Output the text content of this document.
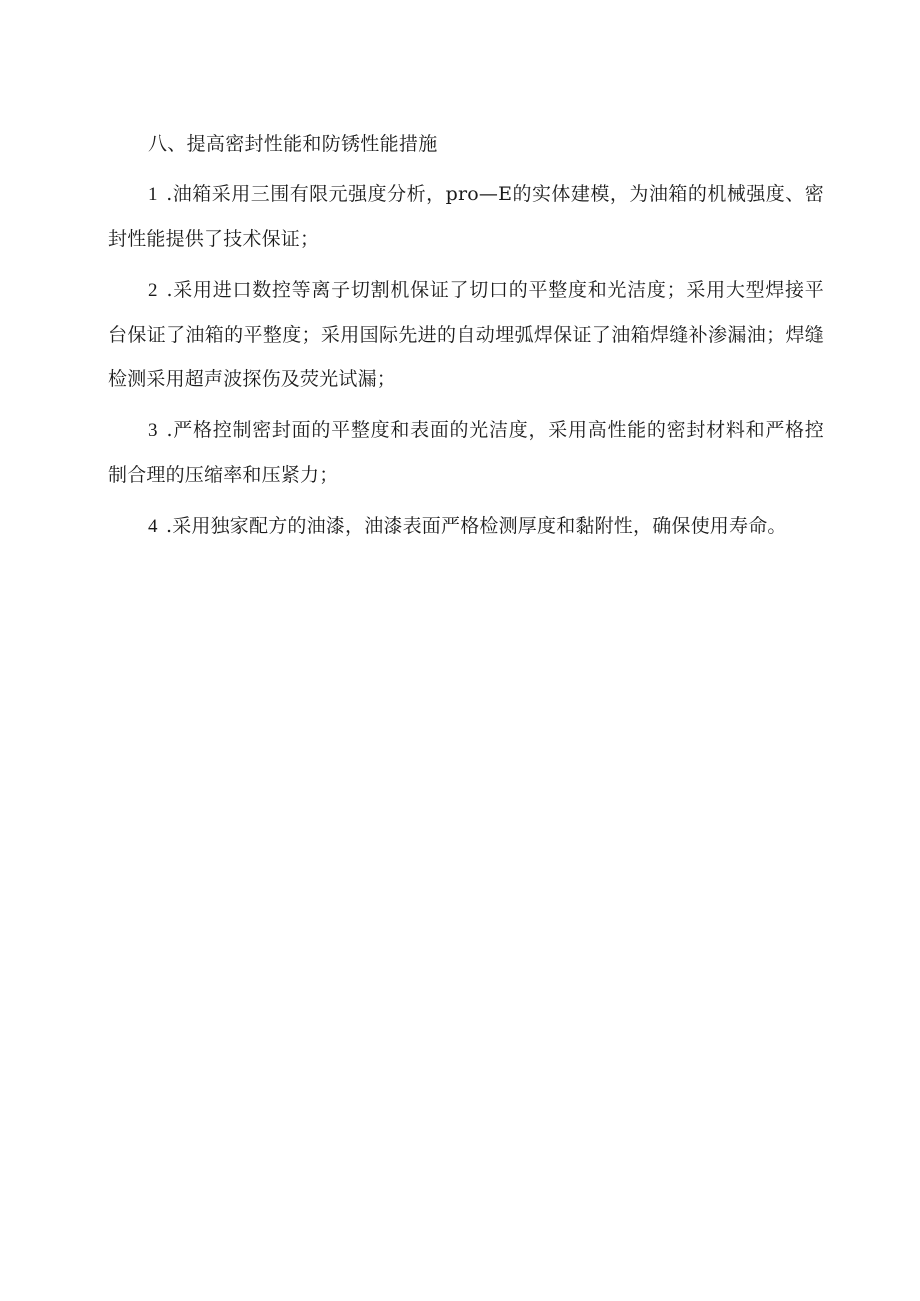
八、提高密封性能和防锈性能措施

1 .油箱采用三围有限元强度分析，pro—E的实体建模，为油箱的机械强度、密封性能提供了技术保证；

2 .采用进口数控等离子切割机保证了切口的平整度和光洁度；采用大型焊接平台保证了油箱的平整度；采用国际先进的自动埋弧焊保证了油箱焊缝补渗漏油；焊缝检测采用超声波探伤及荧光试漏；

3 .严格控制密封面的平整度和表面的光洁度，采用高性能的密封材料和严格控制合理的压缩率和压紧力；

4 .采用独家配方的油漆，油漆表面严格检测厚度和黏附性，确保使用寿命。
